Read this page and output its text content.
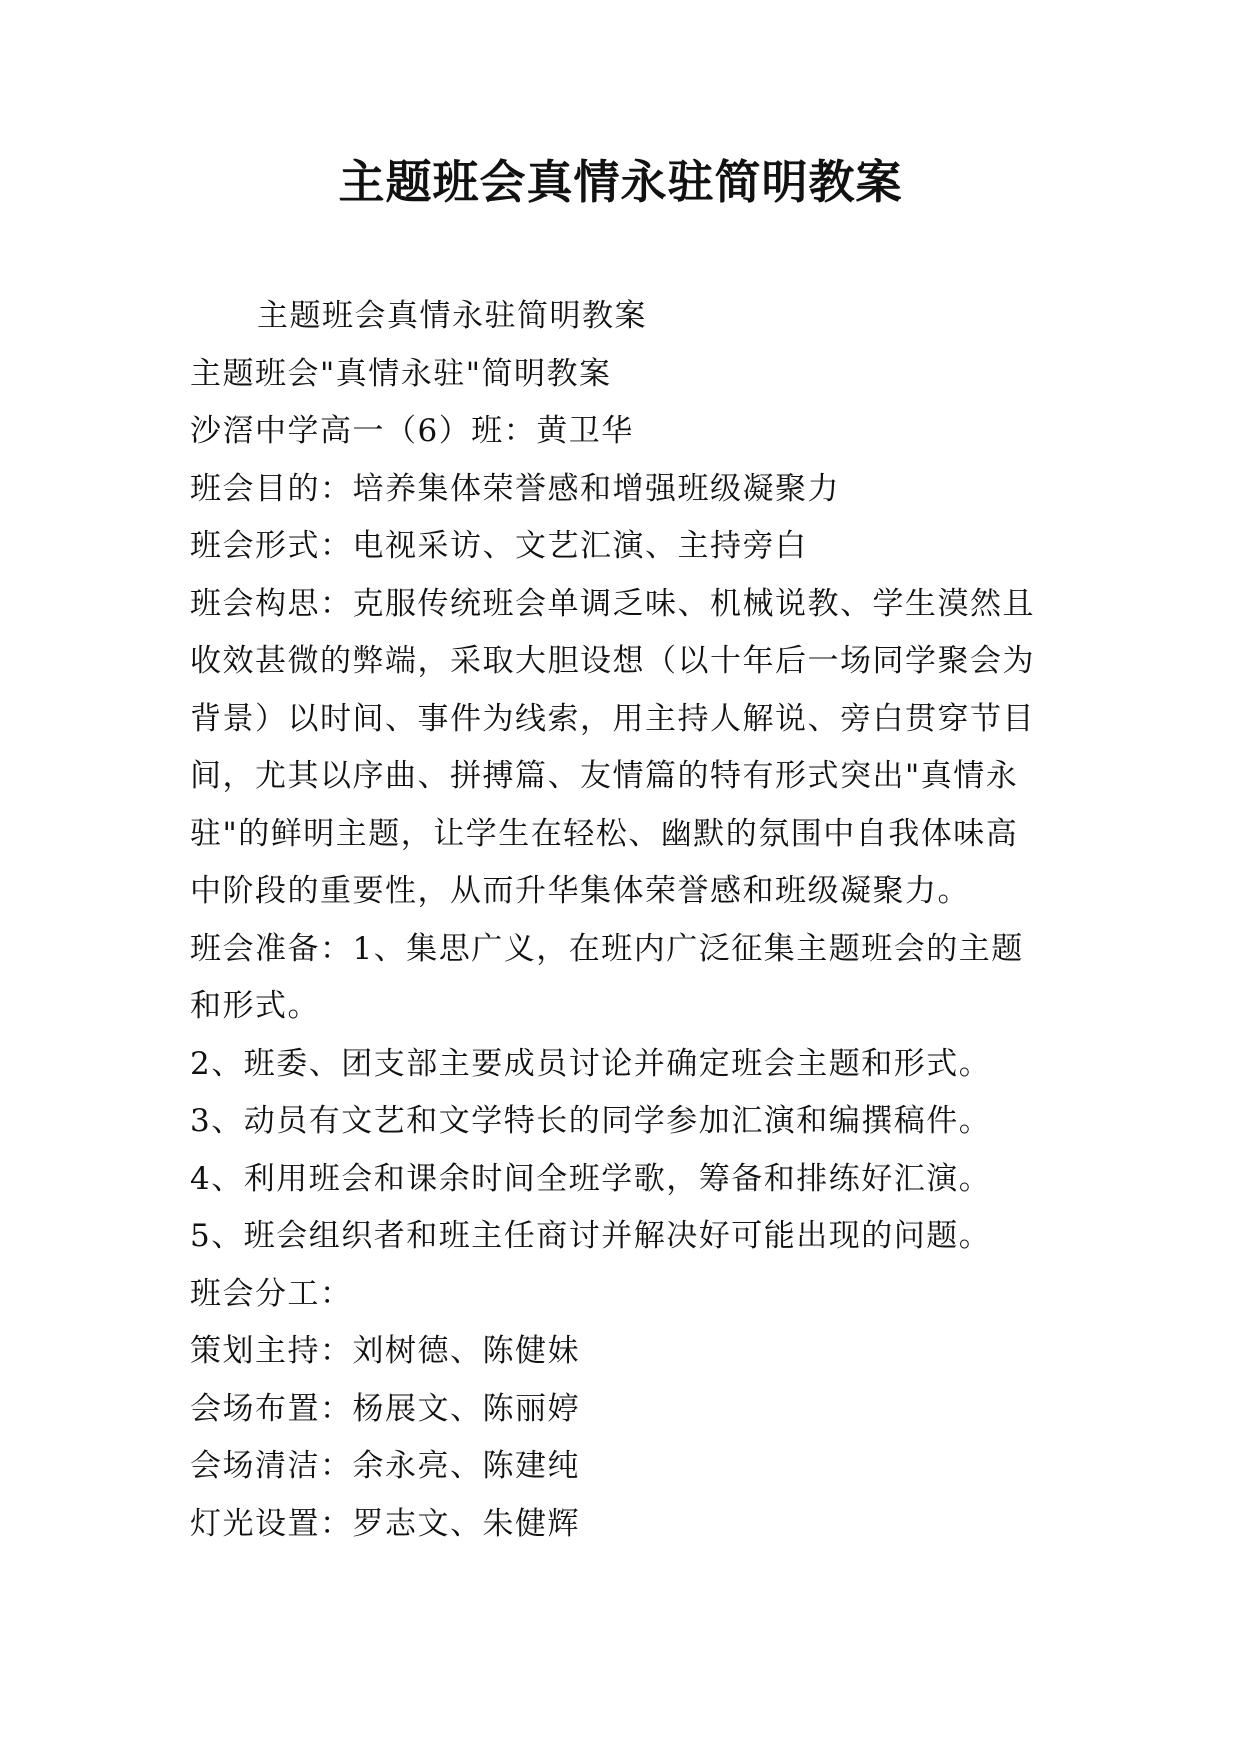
主题班会真情永驻简明教案
主题班会真情永驻简明教案
主题班会"真情永驻"简明教案
沙滘中学高一（6）班：黄卫华
班会目的：培养集体荣誉感和增强班级凝聚力
班会形式：电视采访、文艺汇演、主持旁白
班会构思：克服传统班会单调乏味、机械说教、学生漠然且
收效甚微的弊端，采取大胆设想（以十年后一场同学聚会为
背景）以时间、事件为线索，用主持人解说、旁白贯穿节目
间，尤其以序曲、拼搏篇、友情篇的特有形式突出"真情永
驻"的鲜明主题，让学生在轻松、幽默的氛围中自我体味高
中阶段的重要性，从而升华集体荣誉感和班级凝聚力。
班会准备：1、集思广义，在班内广泛征集主题班会的主题
和形式。
2、班委、团支部主要成员讨论并确定班会主题和形式。
3、动员有文艺和文学特长的同学参加汇演和编撰稿件。
4、利用班会和课余时间全班学歌，筹备和排练好汇演。
5、班会组织者和班主任商讨并解决好可能出现的问题。
班会分工：
策划主持：刘树德、陈健妹
会场布置：杨展文、陈丽婷
会场清洁：余永亮、陈建纯
灯光设置：罗志文、朱健辉
